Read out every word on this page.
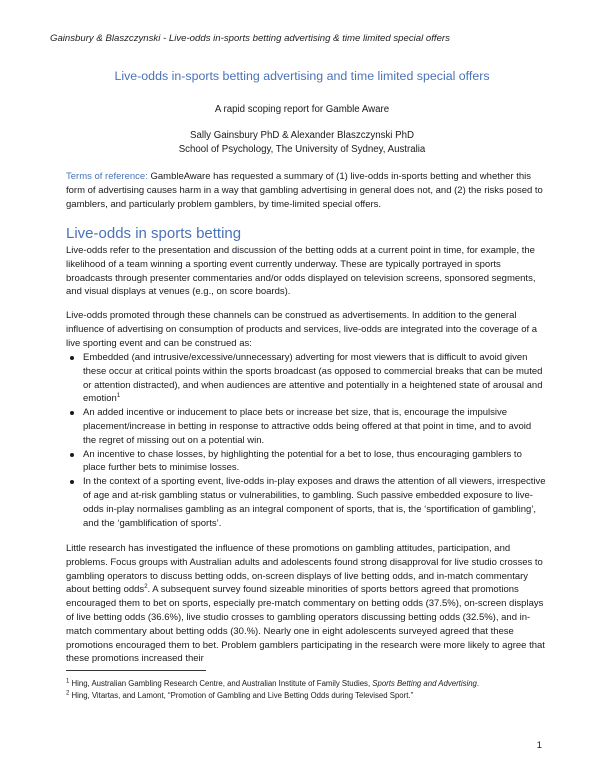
Gainsbury & Blaszczynski - Live-odds in-sports betting advertising & time limited special offers
Live-odds in-sports betting advertising and time limited special offers
A rapid scoping report for Gamble Aware
Sally Gainsbury PhD & Alexander Blaszczynski PhD
School of Psychology, The University of Sydney, Australia
Terms of reference: GambleAware has requested a summary of (1) live-odds in-sports betting and whether this form of advertising causes harm in a way that gambling advertising in general does not, and (2) the risks posed to gamblers, and particularly problem gamblers, by time-limited special offers.
Live-odds in sports betting
Live-odds refer to the presentation and discussion of the betting odds at a current point in time, for example, the likelihood of a team winning a sporting event currently underway. These are typically portrayed in sports broadcasts through presenter commentaries and/or odds displayed on television screens, sponsored segments, and visual displays at venues (e.g., on score boards).
Live-odds promoted through these channels can be construed as advertisements. In addition to the general influence of advertising on consumption of products and services, live-odds are integrated into the coverage of a live sporting event and can be construed as:
Embedded (and intrusive/excessive/unnecessary) adverting for most viewers that is difficult to avoid given these occur at critical points within the sports broadcast (as opposed to commercial breaks that can be muted or attention distracted), and when audiences are attentive and potentially in a heightened state of arousal and emotion$^1$
An added incentive or inducement to place bets or increase bet size, that is, encourage the impulsive placement/increase in betting in response to attractive odds being offered at that point in time, and to avoid the regret of missing out on a potential win.
An incentive to chase losses, by highlighting the potential for a bet to lose, thus encouraging gamblers to place further bets to minimise losses.
In the context of a sporting event, live-odds in-play exposes and draws the attention of all viewers, irrespective of age and at-risk gambling status or vulnerabilities, to gambling. Such passive embedded exposure to live-odds in-play normalises gambling as an integral component of sports, that is, the ‘sportification of gambling’, and the ‘gamblification of sports’.
Little research has investigated the influence of these promotions on gambling attitudes, participation, and problems. Focus groups with Australian adults and adolescents found strong disapproval for live studio crosses to gambling operators to discuss betting odds, on-screen displays of live betting odds, and in-match commentary about betting odds$^2$. A subsequent survey found sizeable minorities of sports bettors agreed that promotions encouraged them to bet on sports, especially pre-match commentary on betting odds (37.5%), on-screen displays of live betting odds (36.6%), live studio crosses to gambling operators discussing betting odds (32.5%), and in-match commentary about betting odds (30.%). Nearly one in eight adolescents surveyed agreed that these promotions encouraged them to bet. Problem gamblers participating in the research were more likely to agree that these promotions increased their
$^1$ Hing, Australian Gambling Research Centre, and Australian Institute of Family Studies, Sports Betting and Advertising.
$^2$ Hing, Vitartas, and Lamont, “Promotion of Gambling and Live Betting Odds during Televised Sport.”
1
